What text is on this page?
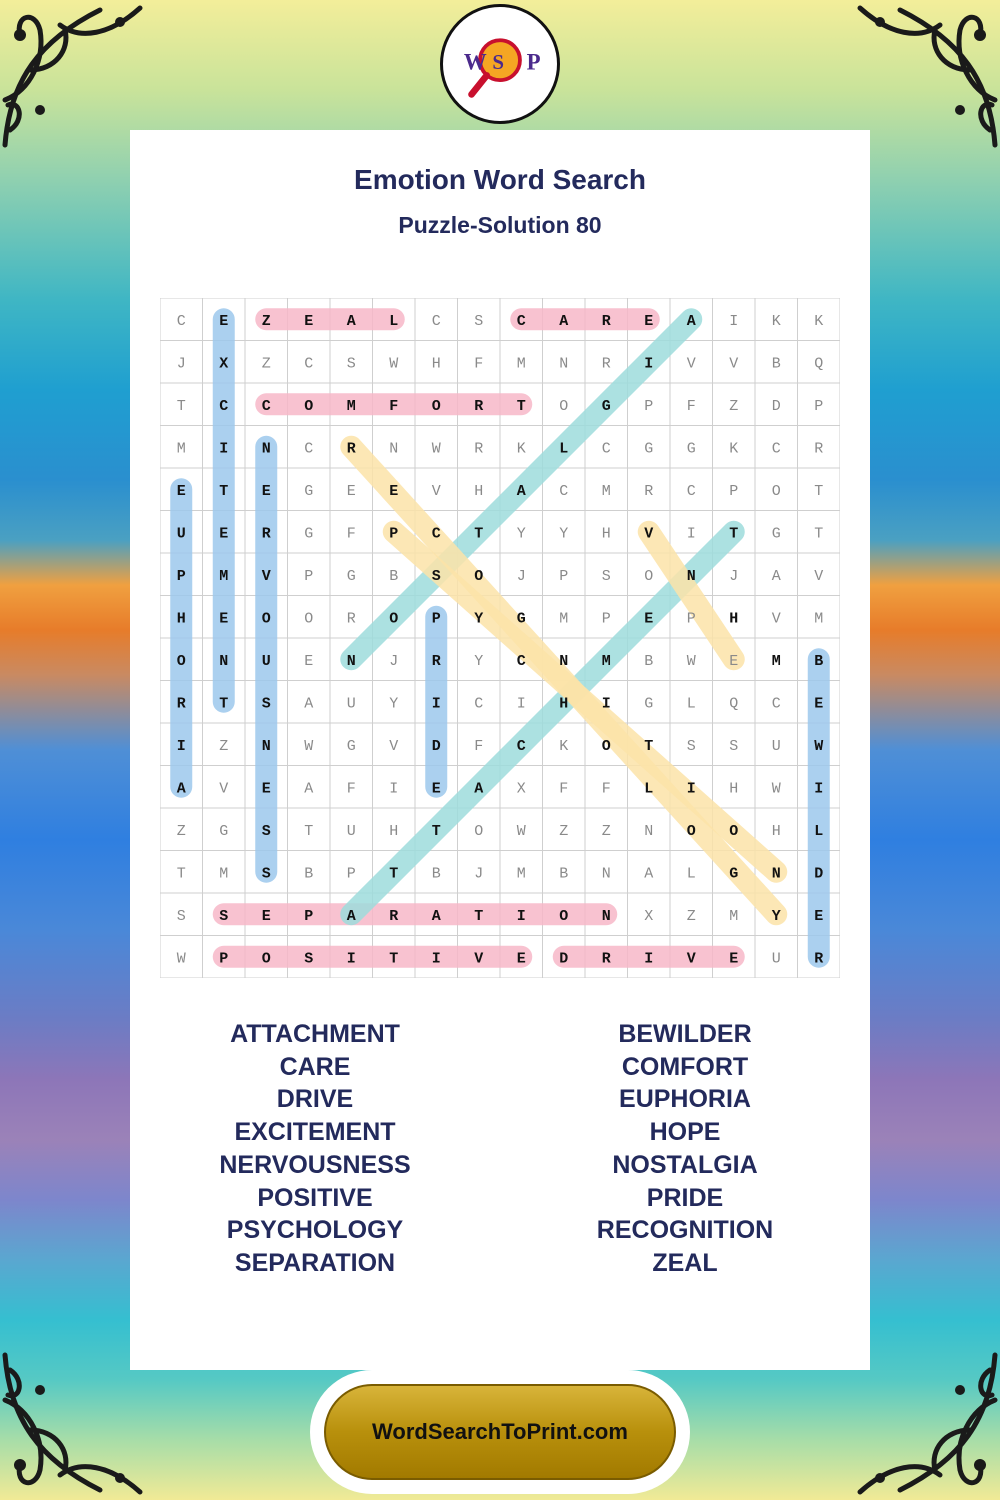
W S P
Emotion Word Search
Puzzle-Solution 80
C E Z E A L C S C A R E A I K K
J X Z C S W H F M N R I V V B Q
T C C O M F O R T O G P F Z D P
M I N C R N W R K L C G G K C R
E T E G E E V H A C M R C P O T
U E R G F P C T Y Y H V I T G T
P M V P G B S O J P S O N J A V
H E O O R O P Y G M P E P H V M
O N U E N J R Y C N M B W E M B
R T S A U Y I C I H I G L Q C E
I Z N W G V D F C K O T S S U W
A V E A F I E A X F F L I H W I
Z G S T U H T O W Z Z N O O H L
T M S B P T B J M B N A L G N D
S S E P A R A T I O N X Z M Y E
W P O S I T I V E D R I V E U R
ATTACHMENT
CARE
DRIVE
EXCITEMENT
NERVOUSNESS
POSITIVE
PSYCHOLOGY
SEPARATION
BEWILDER
COMFORT
EUPHORIA
HOPE
NOSTALGIA
PRIDE
RECOGNITION
ZEAL
WordSearchToPrint.com
